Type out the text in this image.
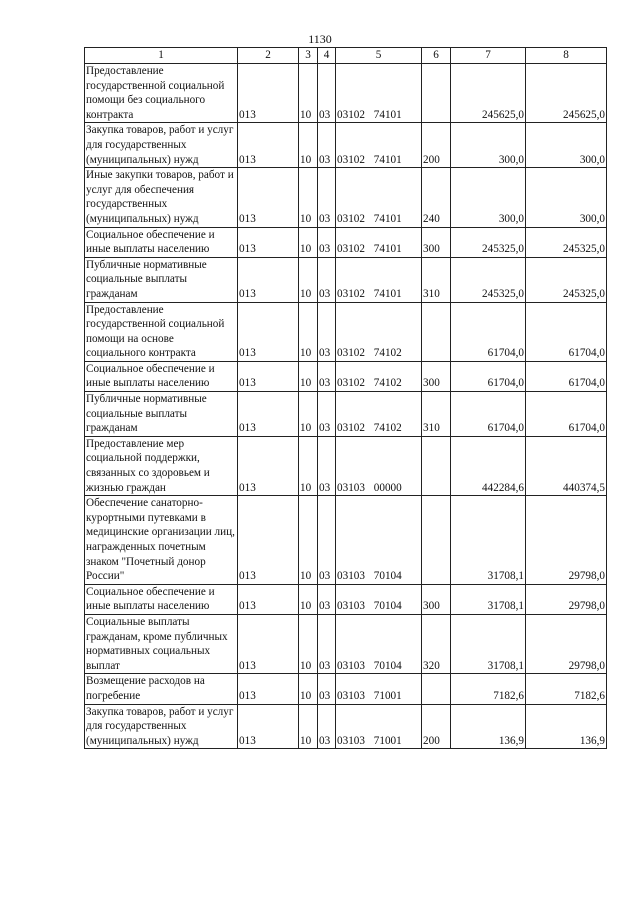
1130
1	2	3	4	5	6	7	8
Предоставление государственной социальной помощи без социального контракта	013	10	03	03102 74101		245625,0	245625,0
Закупка товаров, работ и услуг для государственных (муниципальных) нужд	013	10	03	03102 74101	200	300,0	300,0
Иные закупки товаров, работ и услуг для обеспечения государственных (муниципальных) нужд	013	10	03	03102 74101	240	300,0	300,0
Социальное обеспечение и иные выплаты населению	013	10	03	03102 74101	300	245325,0	245325,0
Публичные нормативные социальные выплаты гражданам	013	10	03	03102 74101	310	245325,0	245325,0
Предоставление государственной социальной помощи на основе социального контракта	013	10	03	03102 74102		61704,0	61704,0
Социальное обеспечение и иные выплаты населению	013	10	03	03102 74102	300	61704,0	61704,0
Публичные нормативные социальные выплаты гражданам	013	10	03	03102 74102	310	61704,0	61704,0
Предоставление мер социальной поддержки, связанных со здоровьем и жизнью граждан	013	10	03	03103 00000		442284,6	440374,5
Обеспечение санаторно-курортными путевками в медицинские организации лиц, награжденных почетным знаком "Почетный донор России"	013	10	03	03103 70104		31708,1	29798,0
Социальное обеспечение и иные выплаты населению	013	10	03	03103 70104	300	31708,1	29798,0
Социальные выплаты гражданам, кроме публичных нормативных социальных выплат	013	10	03	03103 70104	320	31708,1	29798,0
Возмещение расходов на погребение	013	10	03	03103 71001		7182,6	7182,6
Закупка товаров, работ и услуг для государственных (муниципальных) нужд	013	10	03	03103 71001	200	136,9	136,9
